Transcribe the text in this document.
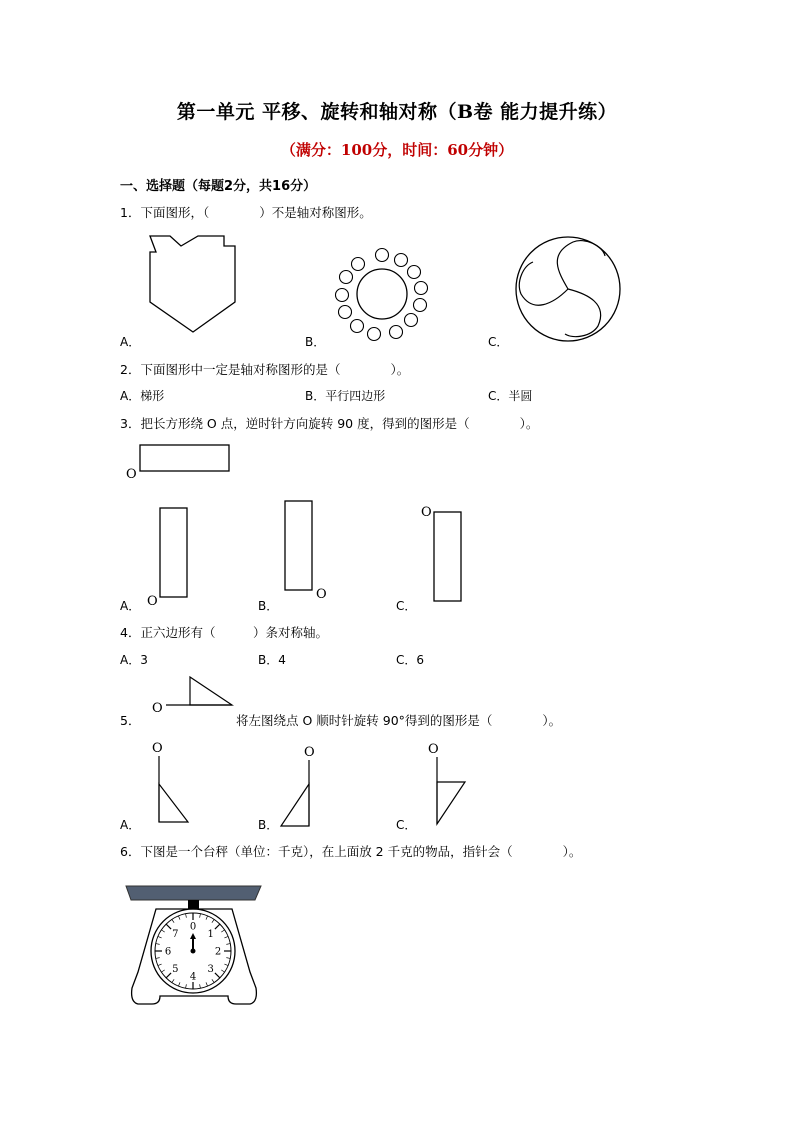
第一单元 平移、旋转和轴对称（B卷 能力提升练）
（满分：100分，时间：60分钟）
一、选择题（每题2分，共16分）
1．下面图形，（　　　　）不是轴对称图形。
A．	B．	C．
2．下面图形中一定是轴对称图形的是（　　　　）。
A．梯形	B．平行四边形	C．半圆
3．把长方形绕 O 点，逆时针方向旋转 90 度，得到的图形是（　　　　）。
O
O	O
O
A．	B．	C．
4．正六边形有（　　　）条对称轴。
A．3	B．4	C．6
5．
O
将左图绕点 O 顺时针旋转 90°得到的图形是（　　　　）。
O	O	O
A．	B．	C．
6．下图是一个台秤（单位：千克），在上面放 2 千克的物品，指针会（　　　　）。
0
1
2
3
4
5
6
7
